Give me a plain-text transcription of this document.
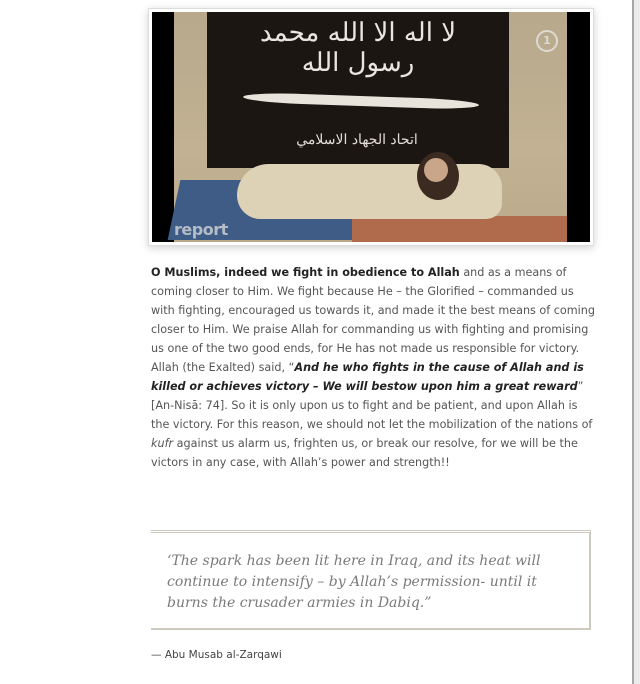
لا اله الا الله محمد رسول الله
اتحاد الجهاد الاسلامي
1
report
O Muslims, indeed we fight in obedience to Allah and as a means of coming closer to Him. We fight because He – the Glorified – commanded us with fighting, encouraged us towards it, and made it the best means of coming closer to Him. We praise Allah for commanding us with fighting and promising us one of the two good ends, for He has not made us responsible for victory. Allah (the Exalted) said, “And he who fights in the cause of Allah and is killed or achieves victory – We will bestow upon him a great reward” [An-Nisā: 74]. So it is only upon us to fight and be patient, and upon Allah is the victory. For this reason, we should not let the mobilization of the nations of kufr against us alarm us, frighten us, or break our resolve, for we will be the victors in any case, with Allah’s power and strength!!

‘The spark has been lit here in Iraq, and its heat will continue to intensify – by Allah’s permission- until it burns the crusader armies in Dabiq.”

— Abu Musab al-Zarqawi
